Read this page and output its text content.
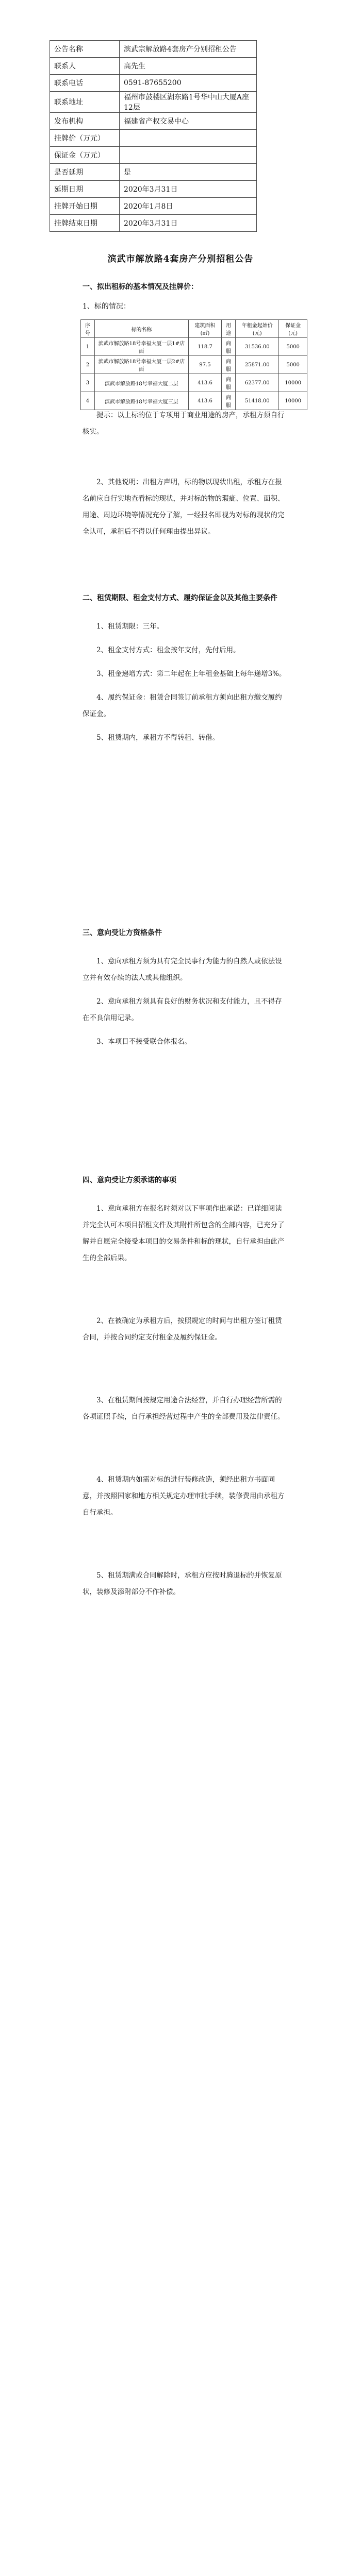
公告名称	滨武宗解放路4套房产分别招租公告
联系人	高先生
联系电话	0591-87655200
联系地址	福州市鼓楼区湖东路1号华中山大厦A座12层
发布机构	福建省产权交易中心
挂牌价（万元）	
保证金（万元）	
是否延期	是
延期日期	2020年3月31日
挂牌开始日期	2020年1月8日
挂牌结束日期	2020年3月31日
滨武市解放路4套房产分别招租公告
一、拟出租标的基本情况及挂牌价：
1、标的情况：
序号	标的名称	建筑面积(㎡)	用途	年租金起始价(元)	保证金(元)
1	滨武市解放路18号幸福大厦一层1#店面	118.7	商服	31536.00	5000
2	滨武市解放路18号幸福大厦一层2#店面	97.5	商服	25871.00	5000
3	滨武市解放路18号幸福大厦二层	413.6	商服	62377.00	10000
4	滨武市解放路18号幸福大厦三层	413.6	商服	51418.00	10000
提示：以上标的位于专项用于商业用途的房产，承租方须自行核实。
2、其他说明：出租方声明，标的物以现状出租，承租方在报名前应自行实地查看标的现状，并对标的物的瑕疵、位置、面积、用途、周边环境等情况充分了解，一经报名即视为对标的现状的完全认可，承租后不得以任何理由提出异议。
二、租赁期限、租金支付方式、履约保证金以及其他主要条件
1、租赁期限：三年。
2、租金支付方式：租金按年支付，先付后用。
3、租金递增方式：第二年起在上年租金基础上每年递增3%。
4、履约保证金：租赁合同签订前承租方须向出租方缴交履约保证金。
5、租赁期内，承租方不得转租、转借。
三、意向受让方资格条件
1、意向承租方须为具有完全民事行为能力的自然人或依法设立并有效存续的法人或其他组织。
2、意向承租方须具有良好的财务状况和支付能力，且不得存在不良信用记录。
3、本项目不接受联合体报名。
四、意向受让方须承诺的事项
1、意向承租方在报名时须对以下事项作出承诺：已详细阅读并完全认可本项目招租文件及其附件所包含的全部内容，已充分了解并自愿完全接受本项目的交易条件和标的现状，自行承担由此产生的全部后果。
2、在被确定为承租方后，按照规定的时间与出租方签订租赁合同，并按合同约定支付租金及履约保证金。
3、在租赁期间按规定用途合法经营，并自行办理经营所需的各项证照手续，自行承担经营过程中产生的全部费用及法律责任。
4、租赁期内如需对标的进行装修改造，须经出租方书面同意，并按照国家和地方相关规定办理审批手续，装修费用由承租方自行承担。
5、租赁期满或合同解除时，承租方应按时腾退标的并恢复原状，装修及添附部分不作补偿。
